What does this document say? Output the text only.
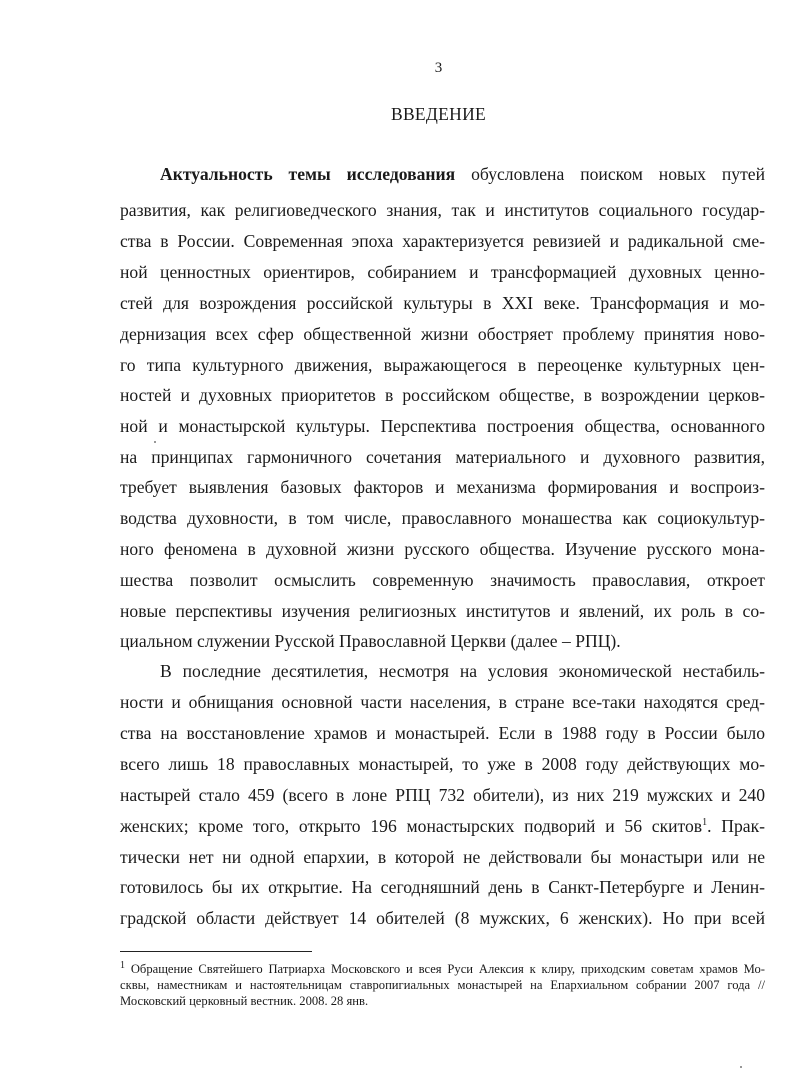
3
ВВЕДЕНИЕ
Актуальность темы исследования обусловлена поиском новых путей
развития, как религиоведческого знания, так и институтов социального государ-
ства в России. Современная эпоха характеризуется ревизией и радикальной сме-
ной ценностных ориентиров, собиранием и трансформацией духовных ценно-
стей для возрождения российской культуры в XXI веке. Трансформация и мо-
дернизация всех сфер общественной жизни обостряет проблему принятия ново-
го типа культурного движения, выражающегося в переоценке культурных цен-
ностей и духовных приоритетов в российском обществе, в возрождении церков-
ной и монастырской культуры. Перспектива построения общества, основанного
на принципах гармоничного сочетания материального и духовного развития,
требует выявления базовых факторов и механизма формирования и воспроиз-
водства духовности, в том числе, православного монашества как социокультур-
ного феномена в духовной жизни русского общества. Изучение русского мона-
шества позволит осмыслить современную значимость православия, откроет
новые перспективы изучения религиозных институтов и явлений, их роль в со-
циальном служении Русской Православной Церкви (далее – РПЦ).
В последние десятилетия, несмотря на условия экономической нестабиль-
ности и обнищания основной части населения, в стране все-таки находятся сред-
ства на восстановление храмов и монастырей. Если в 1988 году в России было
всего лишь 18 православных монастырей, то уже в 2008 году действующих мо-
настырей стало 459 (всего в лоне РПЦ 732 обители), из них 219 мужских и 240
женских; кроме того, открыто 196 монастырских подворий и 56 скитов$^1$. Прак-
тически нет ни одной епархии, в которой не действовали бы монастыри или не
готовилось бы их открытие. На сегодняшний день в Санкт-Петербурге и Ленин-
градской области действует 14 обителей (8 мужских, 6 женских). Но при всей
$^1$ Обращение Святейшего Патриарха Московского и всея Руси Алексия к клиру, приходским советам храмов Мо-
сквы, наместникам и настоятельницам ставропигиальных монастырей на Епархиальном собрании 2007 года //
Московский церковный вестник. 2008. 28 янв.
